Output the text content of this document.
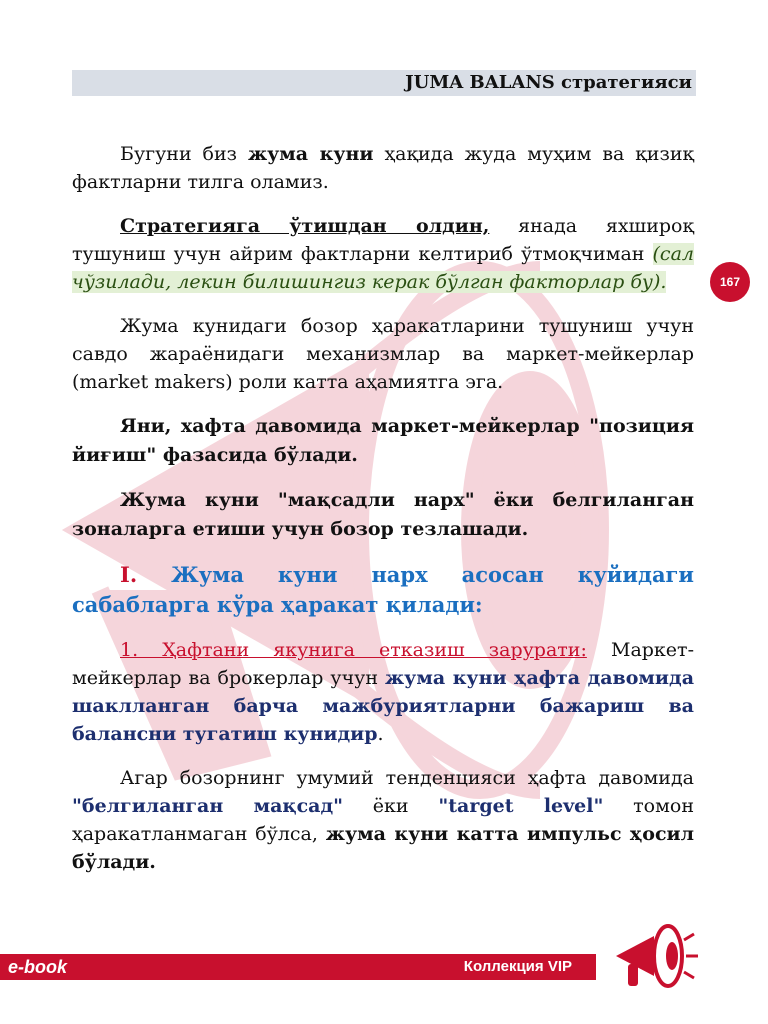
JUMA BALANS стратегияси
167

Бугуни биз жума куни ҳақида жуда муҳим ва қизиқ фактларни тилга оламиз.

Стратегияга ўтишдан олдин, янада яхшироқ тушуниш учун айрим фактларни келтириб ўтмоқчиман (сал чўзилади, лекин билишингиз керак бўлган факторлар бу).

Жума кунидаги бозор ҳаракатларини тушуниш учун савдо жараёнидаги механизмлар ва маркет-мейкерлар (market makers) роли катта аҳамиятга эга.

Яни, хафта давомида маркет-мейкерлар "позиция йиғиш" фазасида бўлади.

Жума куни "мақсадли нарх" ёки белгиланган зоналарга етиши учун бозор тезлашади.

I. Жума куни нарх асосан қуйидаги сабабларга кўра ҳаракат қилади:

1. Ҳафтани якунига етказиш зарурати: Маркет-мейкерлар ва брокерлар учун жума куни ҳафта давомида шаклланган барча мажбуриятларни бажариш ва балансни тугатиш кунидир.

Агар бозорнинг умумий тенденцияси ҳафта давомида "белгиланган мақсад" ёки "target level" томон ҳаракатланмаган бўлса, жума куни катта импульс ҳосил бўлади.

e-book	Коллекция VIP
